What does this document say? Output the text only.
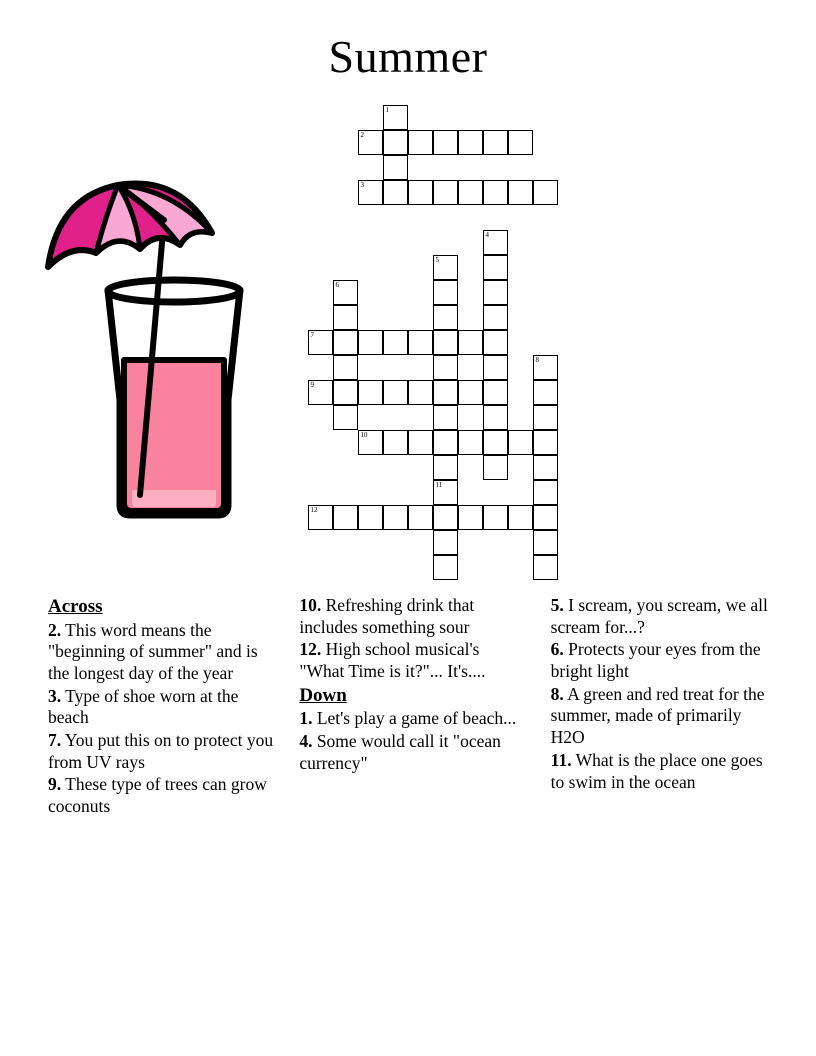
Summer
1
2
3
4
5
6
7
8
9
10
11
12
Across
2. This word means the "beginning of summer" and is the longest day of the year
3. Type of shoe worn at the beach
7. You put this on to protect you from UV rays
9. These type of trees can grow coconuts
10. Refreshing drink that includes something sour
12. High school musical's "What Time is it?"... It's....
Down
1. Let's play a game of beach...
4. Some would call it "ocean currency"
5. I scream, you scream, we all scream for...?
6. Protects your eyes from the bright light
8. A green and red treat for the summer, made of primarily H2O
11. What is the place one goes to swim in the ocean
